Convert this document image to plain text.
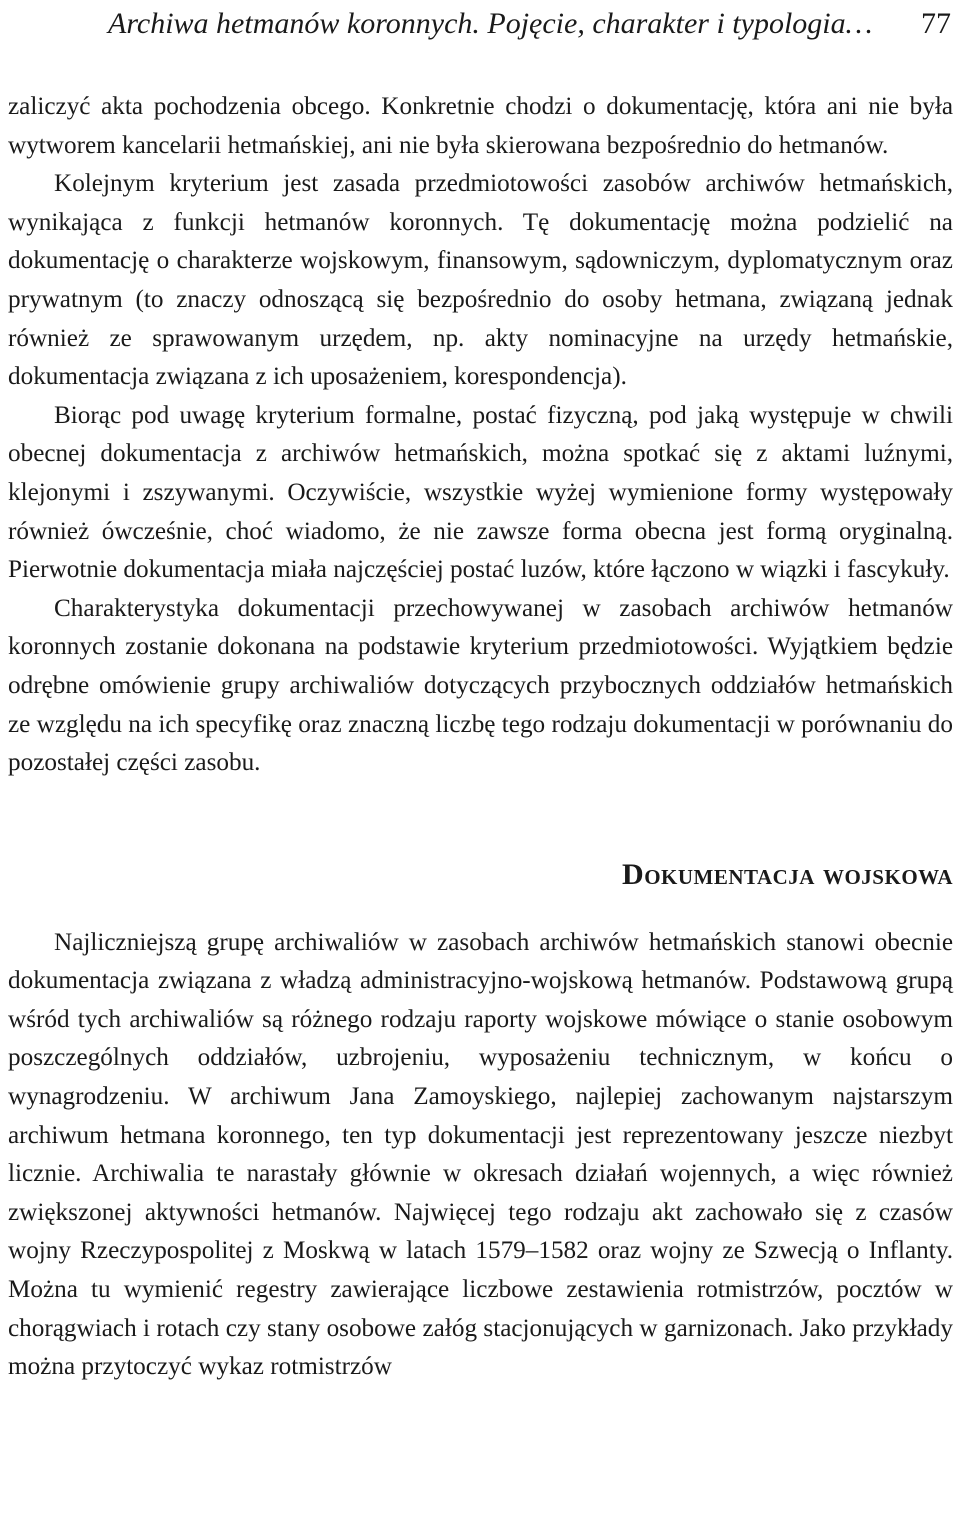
Archiwa hetmanów koronnych. Pojęcie, charakter i typologia… 77

zaliczyć akta pochodzenia obcego. Konkretnie chodzi o dokumentację, która ani nie była wytworem kancelarii hetmańskiej, ani nie była skierowana bezpośrednio do hetmanów.

Kolejnym kryterium jest zasada przedmiotowości zasobów archiwów hetmańskich, wynikająca z funkcji hetmanów koronnych. Tę dokumentację można podzielić na dokumentację o charakterze wojskowym, finansowym, sądowniczym, dyplomatycznym oraz prywatnym (to znaczy odnoszącą się bezpośrednio do osoby hetmana, związaną jednak również ze sprawowanym urzędem, np. akty nominacyjne na urzędy hetmańskie, dokumentacja związana z ich uposażeniem, korespondencja).

Biorąc pod uwagę kryterium formalne, postać fizyczną, pod jaką występuje w chwili obecnej dokumentacja z archiwów hetmańskich, można spotkać się z aktami luźnymi, klejonymi i zszywanymi. Oczywiście, wszystkie wyżej wymienione formy występowały również ówcześnie, choć wiadomo, że nie zawsze forma obecna jest formą oryginalną. Pierwotnie dokumentacja miała najczęściej postać luzów, które łączono w wiązki i fascykuły.

Charakterystyka dokumentacji przechowywanej w zasobach archiwów hetmanów koronnych zostanie dokonana na podstawie kryterium przedmiotowości. Wyjątkiem będzie odrębne omówienie grupy archiwaliów dotyczących przybocznych oddziałów hetmańskich ze względu na ich specyfikę oraz znaczną liczbę tego rodzaju dokumentacji w porównaniu do pozostałej części zasobu.

Dokumentacja wojskowa

Najliczniejszą grupę archiwaliów w zasobach archiwów hetmańskich stanowi obecnie dokumentacja związana z władzą administracyjno-wojskową hetmanów. Podstawową grupą wśród tych archiwaliów są różnego rodzaju raporty wojskowe mówiące o stanie osobowym poszczególnych oddziałów, uzbrojeniu, wyposażeniu technicznym, w końcu o wynagrodzeniu. W archiwum Jana Zamoyskiego, najlepiej zachowanym najstarszym archiwum hetmana koronnego, ten typ dokumentacji jest reprezentowany jeszcze niezbyt licznie. Archiwalia te narastały głównie w okresach działań wojennych, a więc również zwiększonej aktywności hetmanów. Najwięcej tego rodzaju akt zachowało się z czasów wojny Rzeczypospolitej z Moskwą w latach 1579–1582 oraz wojny ze Szwecją o Inflanty. Można tu wymienić regestry zawierające liczbowe zestawienia rotmistrzów, pocztów w chorągwiach i rotach czy stany osobowe załóg stacjonujących w garnizonach. Jako przykłady można przytoczyć wykaz rotmistrzów
